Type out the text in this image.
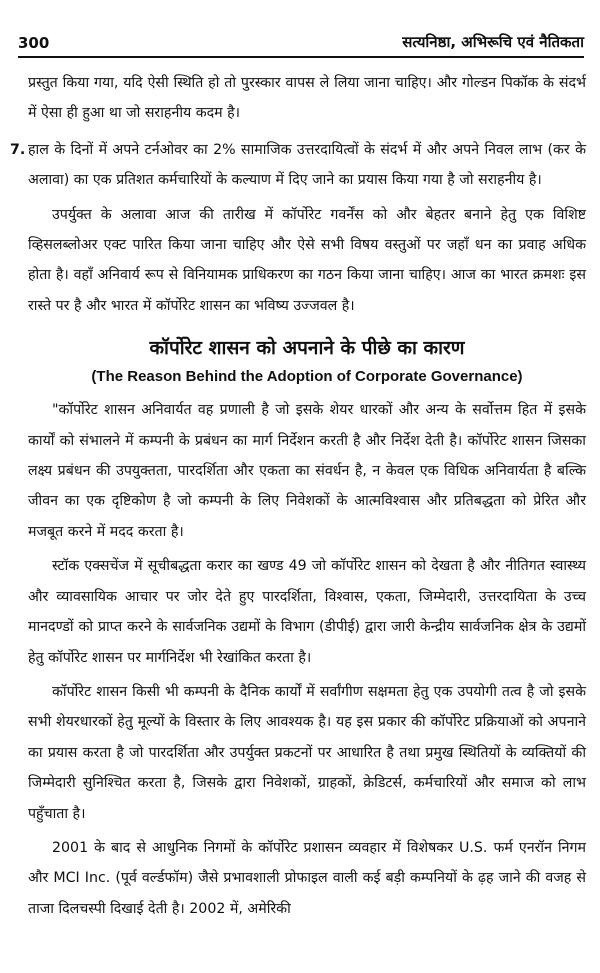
300	सत्यनिष्ठा, अभिरूचि एवं नैतिकता

प्रस्तुत किया गया, यदि ऐसी स्थिति हो तो पुरस्कार वापस ले लिया जाना चाहिए। और गोल्डन पिकॉक के संदर्भ में ऐसा ही हुआ था जो सराहनीय कदम है।

7. हाल के दिनों में अपने टर्नओवर का 2% सामाजिक उत्तरदायित्वों के संदर्भ में और अपने निवल लाभ (कर के अलावा) का एक प्रतिशत कर्मचारियों के कल्याण में दिए जाने का प्रयास किया गया है जो सराहनीय है।

उपर्युक्त के अलावा आज की तारीख में कॉर्पोरेट गवर्नेंस को और बेहतर बनाने हेतु एक विशिष्ट व्हिसलब्लोअर एक्ट पारित किया जाना चाहिए और ऐसे सभी विषय वस्तुओं पर जहाँ धन का प्रवाह अधिक होता है। वहाँ अनिवार्य रूप से विनियामक प्राधिकरण का गठन किया जाना चाहिए। आज का भारत क्रमशः इस रास्ते पर है और भारत में कॉर्पोरेट शासन का भविष्य उज्जवल है।

कॉर्पोरेट शासन को अपनाने के पीछे का कारण

(The Reason Behind the Adoption of Corporate Governance)

"कॉर्पोरेट शासन अनिवार्यत वह प्रणाली है जो इसके शेयर धारकों और अन्य के सर्वोत्तम हित में इसके कार्यों को संभालने में कम्पनी के प्रबंधन का मार्ग निर्देशन करती है और निर्देश देती है। कॉर्पोरेट शासन जिसका लक्ष्य प्रबंधन की उपयुक्तता, पारदर्शिता और एकता का संवर्धन है, न केवल एक विधिक अनिवार्यता है बल्कि जीवन का एक दृष्टिकोण है जो कम्पनी के लिए निवेशकों के आत्मविश्वास और प्रतिबद्धता को प्रेरित और मजबूत करने में मदद करता है।

स्टॉक एक्सचेंज में सूचीबद्धता करार का खण्ड 49 जो कॉर्पोरेट शासन को देखता है और नीतिगत स्वास्थ्य और व्यावसायिक आचार पर जोर देते हुए पारदर्शिता, विश्वास, एकता, जिम्मेदारी, उत्तरदायिता के उच्च मानदण्डों को प्राप्त करने के सार्वजनिक उद्यमों के विभाग (डीपीई) द्वारा जारी केन्द्रीय सार्वजनिक क्षेत्र के उद्यमों हेतु कॉर्पोरेट शासन पर मार्गनिर्देश भी रेखांकित करता है।

कॉर्पोरेट शासन किसी भी कम्पनी के दैनिक कार्यों में सर्वांगीण सक्षमता हेतु एक उपयोगी तत्व है जो इसके सभी शेयरधारकों हेतु मूल्यों के विस्तार के लिए आवश्यक है। यह इस प्रकार की कॉर्पोरेट प्रक्रियाओं को अपनाने का प्रयास करता है जो पारदर्शिता और उपर्युक्त प्रकटनों पर आधारित है तथा प्रमुख स्थितियों के व्यक्तियों की जिम्मेदारी सुनिश्चित करता है, जिसके द्वारा निवेशकों, ग्राहकों, क्रेडिटर्स, कर्मचारियों और समाज को लाभ पहुँचाता है।

2001 के बाद से आधुनिक निगमों के कॉर्पोरेट प्रशासन व्यवहार में विशेषकर U.S. फर्म एनरॉन निगम और MCI Inc. (पूर्व वर्ल्डफॉम) जैसे प्रभावशाली प्रोफाइल वाली कई बड़ी कम्पनियों के ढ़ह जाने की वजह से ताजा दिलचस्पी दिखाई देती है। 2002 में, अमेरिकी
